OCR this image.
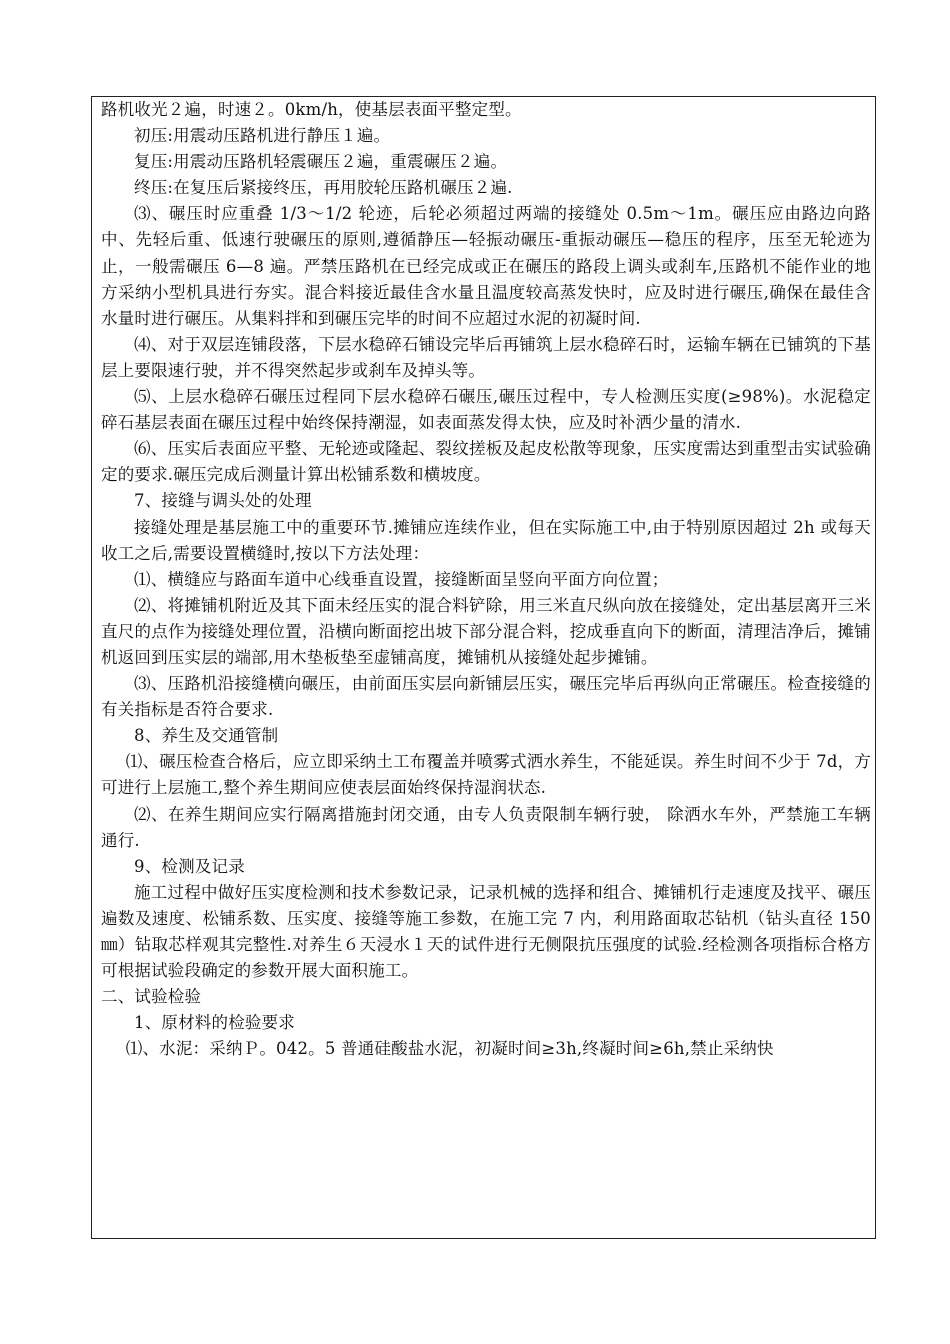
路机收光２遍，时速２。0km/h，使基层表面平整定型。

初压:用震动压路机进行静压１遍。

复压:用震动压路机轻震碾压２遍，重震碾压２遍。

终压:在复压后紧接终压，再用胶轮压路机碾压２遍.

⑶、碾压时应重叠 1/3～1/2 轮迹，后轮必须超过两端的接缝处 0.5m～1m。碾压应由路边向路中、先轻后重、低速行驶碾压的原则,遵循静压—轻振动碾压-重振动碾压—稳压的程序，压至无轮迹为止，一般需碾压 6—8 遍。严禁压路机在已经完成或正在碾压的路段上调头或刹车,压路机不能作业的地方采纳小型机具进行夯实。混合料接近最佳含水量且温度较高蒸发快时，应及时进行碾压,确保在最佳含水量时进行碾压。从集料拌和到碾压完毕的时间不应超过水泥的初凝时间.

⑷、对于双层连铺段落，下层水稳碎石铺设完毕后再铺筑上层水稳碎石时，运输车辆在已铺筑的下基层上要限速行驶，并不得突然起步或刹车及掉头等。

⑸、上层水稳碎石碾压过程同下层水稳碎石碾压,碾压过程中，专人检测压实度(≥98%)。水泥稳定碎石基层表面在碾压过程中始终保持潮湿，如表面蒸发得太快，应及时补洒少量的清水.

⑹、压实后表面应平整、无轮迹或隆起、裂纹搓板及起皮松散等现象，压实度需达到重型击实试验确定的要求.碾压完成后测量计算出松铺系数和横坡度。

7、接缝与调头处的处理

接缝处理是基层施工中的重要环节.摊铺应连续作业，但在实际施工中,由于特别原因超过 2h 或每天收工之后,需要设置横缝时,按以下方法处理：

⑴、横缝应与路面车道中心线垂直设置，接缝断面呈竖向平面方向位置；

⑵、将摊铺机附近及其下面未经压实的混合料铲除，用三米直尺纵向放在接缝处，定出基层离开三米直尺的点作为接缝处理位置，沿横向断面挖出坡下部分混合料，挖成垂直向下的断面，清理洁净后，摊铺机返回到压实层的端部,用木垫板垫至虚铺高度，摊铺机从接缝处起步摊铺。

⑶、压路机沿接缝横向碾压，由前面压实层向新铺层压实，碾压完毕后再纵向正常碾压。检查接缝的有关指标是否符合要求.

8、养生及交通管制

⑴、碾压检查合格后，应立即采纳土工布覆盖并喷雾式洒水养生，不能延误。养生时间不少于 7d，方可进行上层施工,整个养生期间应使表层面始终保持湿润状态.

⑵、在养生期间应实行隔离措施封闭交通，由专人负责限制车辆行驶， 除洒水车外，严禁施工车辆通行.

9、检测及记录

施工过程中做好压实度检测和技术参数记录，记录机械的选择和组合、摊铺机行走速度及找平、碾压遍数及速度、松铺系数、压实度、接缝等施工参数，在施工完 7 内，利用路面取芯钻机（钻头直径 150㎜）钻取芯样观其完整性.对养生６天浸水１天的试件进行无侧限抗压强度的试验.经检测各项指标合格方可根据试验段确定的参数开展大面积施工。

二、试验检验

1、原材料的检验要求

⑴、水泥：采纳Ｐ。042。5 普通硅酸盐水泥，初凝时间≥3h,终凝时间≥6h,禁止采纳快
